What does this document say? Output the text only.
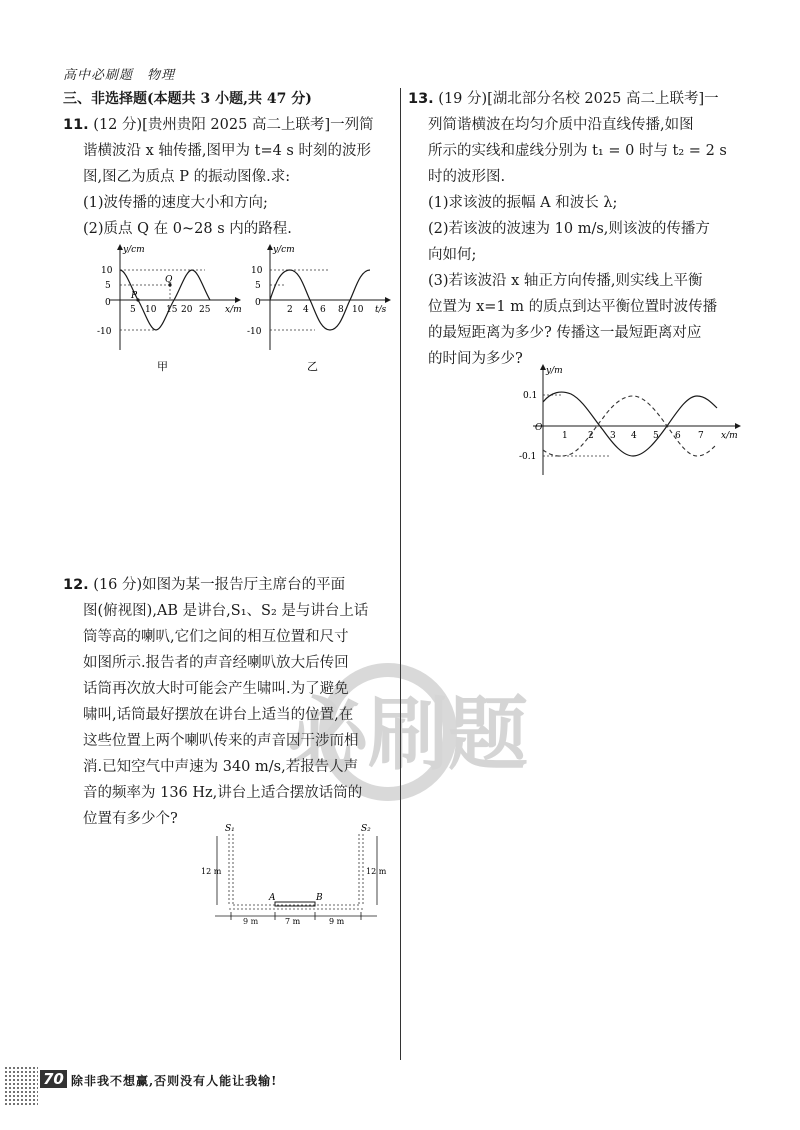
高中必刷题　物理
三、非选择题(本题共 3 小题,共 47 分)
11. (12 分)[贵州贵阳 2025 高二上联考]一列简
谐横波沿 x 轴传播,图甲为 t=4 s 时刻的波形
图,图乙为质点 P 的振动图像.求:
(1)波传播的速度大小和方向;
(2)质点 Q 在 0~28 s 内的路程.
y/cm
x/m
10
5
0
-10
P
Q
5 10 15 20 25
甲
y/cm
t/s
10
5
0
-10
2 4 6 8 10
乙
12. (16 分)如图为某一报告厅主席台的平面
图(俯视图),AB 是讲台,S₁、S₂ 是与讲台上话
筒等高的喇叭,它们之间的相互位置和尺寸
如图所示.报告者的声音经喇叭放大后传回
话筒再次放大时可能会产生啸叫.为了避免
啸叫,话筒最好摆放在讲台上适当的位置,在
这些位置上两个喇叭传来的声音因干涉而相
消.已知空气中声速为 340 m/s,若报告人声
音的频率为 136 Hz,讲台上适合摆放话筒的
位置有多少个?
S₁	S₂
A	B
12 m	12 m
9 m	7 m	9 m
13. (19 分)[湖北部分名校 2025 高二上联考]一
列简谐横波在均匀介质中沿直线传播,如图
所示的实线和虚线分别为 t₁ = 0 时与 t₂ = 2 s
时的波形图.
(1)求该波的振幅 A 和波长 λ;
(2)若该波的波速为 10 m/s,则该波的传播方
向如何;
(3)若该波沿 x 轴正方向传播,则实线上平衡
位置为 x=1 m 的质点到达平衡位置时波传播
的最短距离为多少? 传播这一最短距离对应
的时间为多少?
y/m
x/m
0.1
O
-0.1
1 2 3 4 5 6 7
必刷题
70 除非我不想赢,否则没有人能让我输!
